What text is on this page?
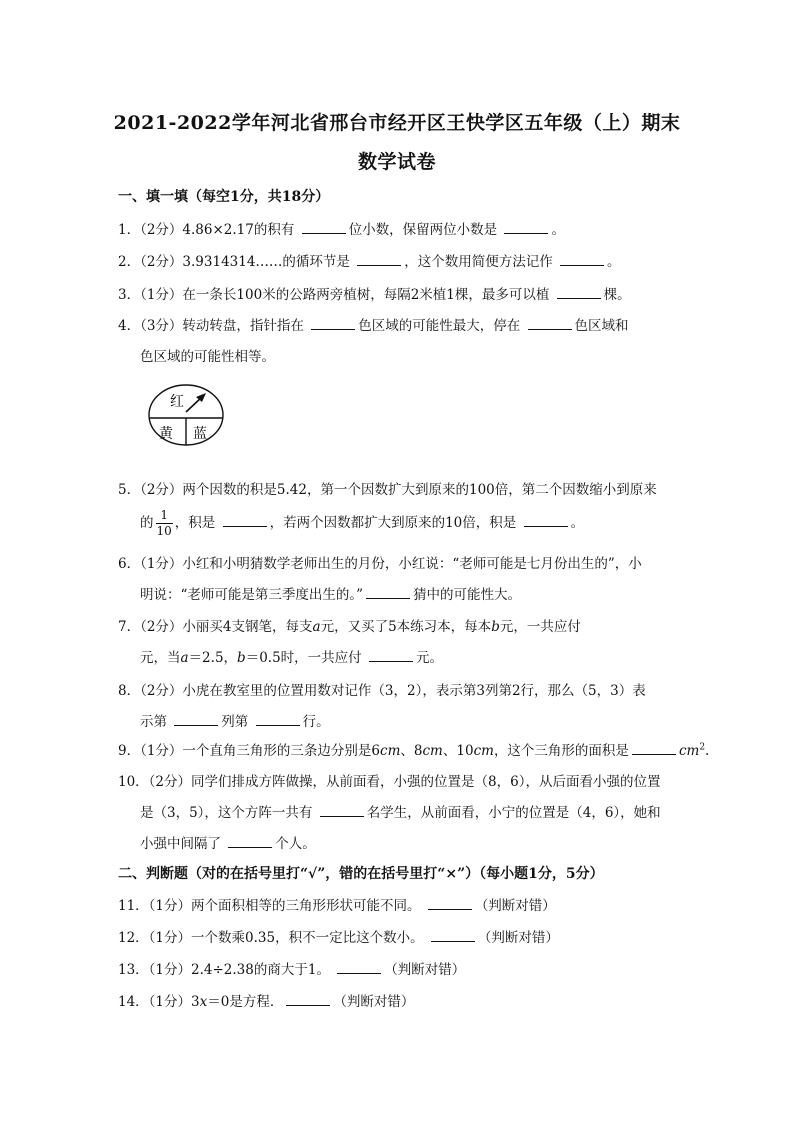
2021-2022学年河北省邢台市经开区王快学区五年级（上）期末
数学试卷
一、填一填（每空1分，共18分）
1．（2分）4.86×2.17的积有	位小数，保留两位小数是	。
2．（2分）3.9314314……的循环节是	，这个数用简便方法记作	。
3．（1分）在一条长100米的公路两旁植树，每隔2米植1棵，最多可以植	棵。
4．（3分）转动转盘，指针指在	色区域的可能性最大，停在	色区域和
色区域的可能性相等。
红
黄 蓝
5．（2分）两个因数的积是5.42，第一个因数扩大到原来的100倍，第二个因数缩小到原来
的 $\frac{1}{10}$ ，积是	，若两个因数都扩大到原来的10倍，积是	。
6．（1分）小红和小明猜数学老师出生的月份，小红说：“老师可能是七月份出生的”，小
明说：“老师可能是第三季度出生的。”	猜中的可能性大。
7．（2分）小丽买4支钢笔，每支a元，又买了5本练习本，每本b元，一共应付
元，当a＝2.5，b＝0.5时，一共应付	元。
8．（2分）小虎在教室里的位置用数对记作（3，2），表示第3列第2行，那么（5，3）表
示第	列第	行。
9．（1分）一个直角三角形的三条边分别是6cm、8cm、10cm，这个三角形的面积是	$cm^2$.
10．（2分）同学们排成方阵做操，从前面看，小强的位置是（8，6），从后面看小强的位置
是（3，5），这个方阵一共有	名学生，从前面看，小宁的位置是（4，6），她和
小强中间隔了	个人。
二、判断题（对的在括号里打“√”，错的在括号里打“×”）（每小题1分，5分）
11．（1分）两个面积相等的三角形形状可能不同。	（判断对错）
12．（1分）一个数乘0.35，积不一定比这个数小。	（判断对错）
13．（1分）2.4÷2.38的商大于1。	（判断对错）
14．（1分）3x＝0是方程．	（判断对错）
